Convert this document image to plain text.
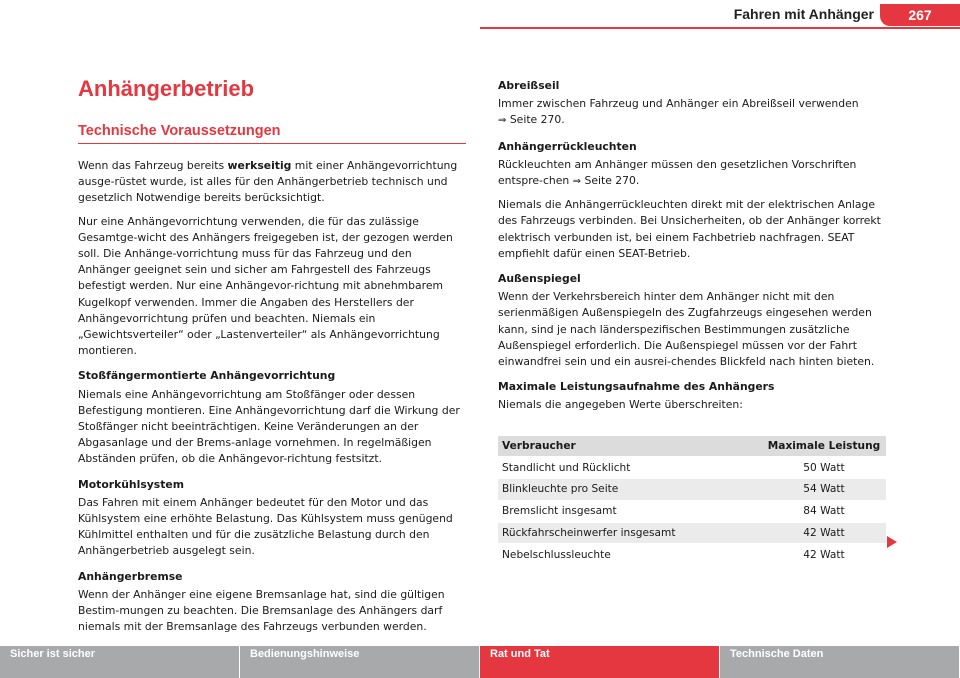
Fahren mit Anhänger	267
Anhängerbetrieb
Technische Voraussetzungen

Wenn das Fahrzeug bereits werkseitig mit einer Anhängevorrichtung ausge-rüstet wurde, ist alles für den Anhängerbetrieb technisch und gesetzlich Notwendige bereits berücksichtigt.

Nur eine Anhängevorrichtung verwenden, die für das zulässige Gesamtge-wicht des Anhängers freigegeben ist, der gezogen werden soll. Die Anhänge-vorrichtung muss für das Fahrzeug und den Anhänger geeignet sein und sicher am Fahrgestell des Fahrzeugs befestigt werden. Nur eine Anhängevor-richtung mit abnehmbarem Kugelkopf verwenden. Immer die Angaben des Herstellers der Anhängevorrichtung prüfen und beachten. Niemals ein „Gewichtsverteiler“ oder „Lastenverteiler“ als Anhängevorrichtung montieren.

Stoßfängermontierte Anhängevorrichtung

Niemals eine Anhängevorrichtung am Stoßfänger oder dessen Befestigung montieren. Eine Anhängevorrichtung darf die Wirkung der Stoßfänger nicht beeinträchtigen. Keine Veränderungen an der Abgasanlage und der Brems-anlage vornehmen. In regelmäßigen Abständen prüfen, ob die Anhängevor-richtung festsitzt.

Motorkühlsystem

Das Fahren mit einem Anhänger bedeutet für den Motor und das Kühlsystem eine erhöhte Belastung. Das Kühlsystem muss genügend Kühlmittel enthalten und für die zusätzliche Belastung durch den Anhängerbetrieb ausgelegt sein.

Anhängerbremse

Wenn der Anhänger eine eigene Bremsanlage hat, sind die gültigen Bestim-mungen zu beachten. Die Bremsanlage des Anhängers darf niemals mit der Bremsanlage des Fahrzeugs verbunden werden.

Abreißseil

Immer zwischen Fahrzeug und Anhänger ein Abreißseil verwenden
⇒ Seite 270.

Anhängerrückleuchten

Rückleuchten am Anhänger müssen den gesetzlichen Vorschriften entspre-chen ⇒ Seite 270.

Niemals die Anhängerrückleuchten direkt mit der elektrischen Anlage des Fahrzeugs verbinden. Bei Unsicherheiten, ob der Anhänger korrekt elektrisch verbunden ist, bei einem Fachbetrieb nachfragen. SEAT empfiehlt dafür einen SEAT-Betrieb.

Außenspiegel

Wenn der Verkehrsbereich hinter dem Anhänger nicht mit den serienmäßigen Außenspiegeln des Zugfahrzeugs eingesehen werden kann, sind je nach länderspezifischen Bestimmungen zusätzliche Außenspiegel erforderlich. Die Außenspiegel müssen vor der Fahrt einwandfrei sein und ein ausrei-chendes Blickfeld nach hinten bieten.

Maximale Leistungsaufnahme des Anhängers

Niemals die angegeben Werte überschreiten:

Verbraucher	Maximale Leistung
Standlicht und Rücklicht	50 Watt
Blinkleuchte pro Seite	54 Watt
Bremslicht insgesamt	84 Watt
Rückfahrscheinwerfer insgesamt	42 Watt
Nebelschlussleuchte	42 Watt
Sicher ist sicher	Bedienungshinweise	Rat und Tat	Technische Daten
